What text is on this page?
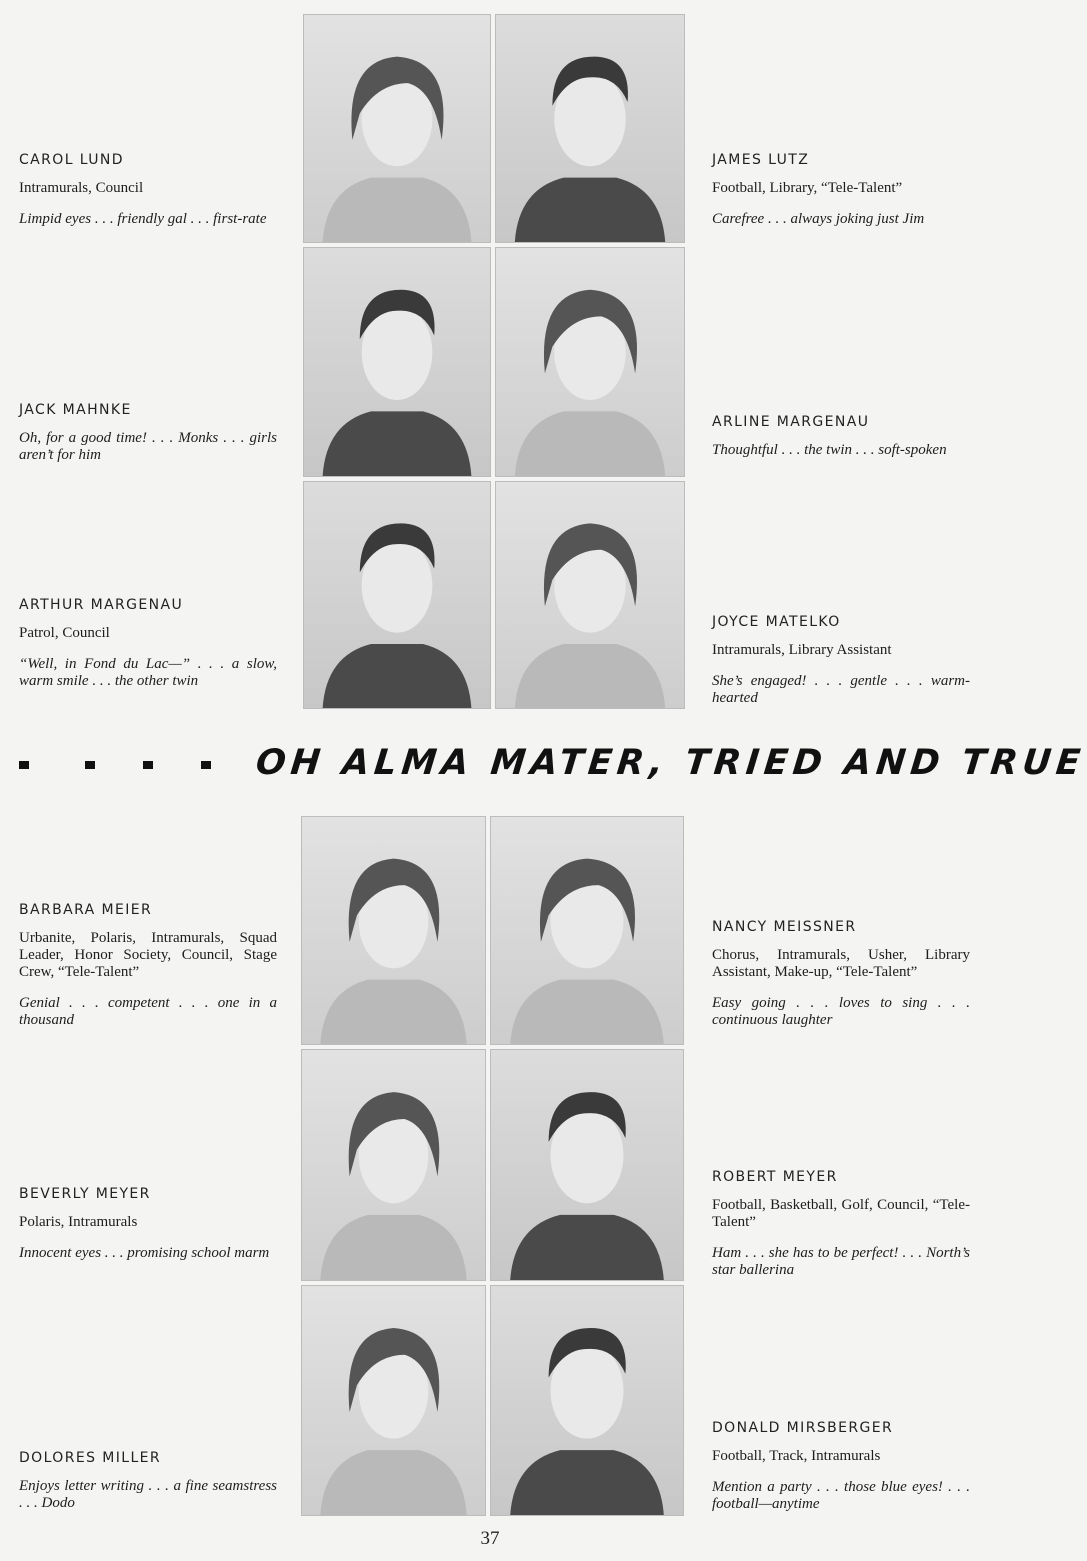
CAROL LUND
Intramurals, Council
Limpid eyes . . . friendly gal . . . first-rate
JAMES LUTZ
Football, Library, “Tele-Talent”
Carefree . . . always joking just Jim
JACK MAHNKE
Oh, for a good time! . . . Monks . . . girls aren’t for him
ARLINE MARGENAU
Thoughtful . . . the twin . . . soft-spoken
ARTHUR MARGENAU
Patrol, Council
“Well, in Fond du Lac—” . . . a slow, warm smile . . . the other twin
JOYCE MATELKO
Intramurals, Library Assistant
She’s engaged! . . . gentle . . . warm-hearted
BARBARA MEIER
Urbanite, Polaris, Intramurals, Squad Leader, Honor Society, Council, Stage Crew, “Tele-Talent”
Genial . . . competent . . . one in a thousand
NANCY MEISSNER
Chorus, Intramurals, Usher, Library Assistant, Make-up, “Tele-Talent”
Easy going . . . loves to sing . . . continuous laughter
BEVERLY MEYER
Polaris, Intramurals
Innocent eyes . . . promising school marm
ROBERT MEYER
Football, Basketball, Golf, Council, “Tele-Talent”
Ham . . . she has to be perfect! . . . North’s star ballerina
DOLORES MILLER
Enjoys letter writing . . . a fine seamstress . . . Dodo
DONALD MIRSBERGER
Football, Track, Intramurals
Mention a party . . . those blue eyes! . . . football—anytime
OH ALMA MATER, TRIED AND TRUE
37
